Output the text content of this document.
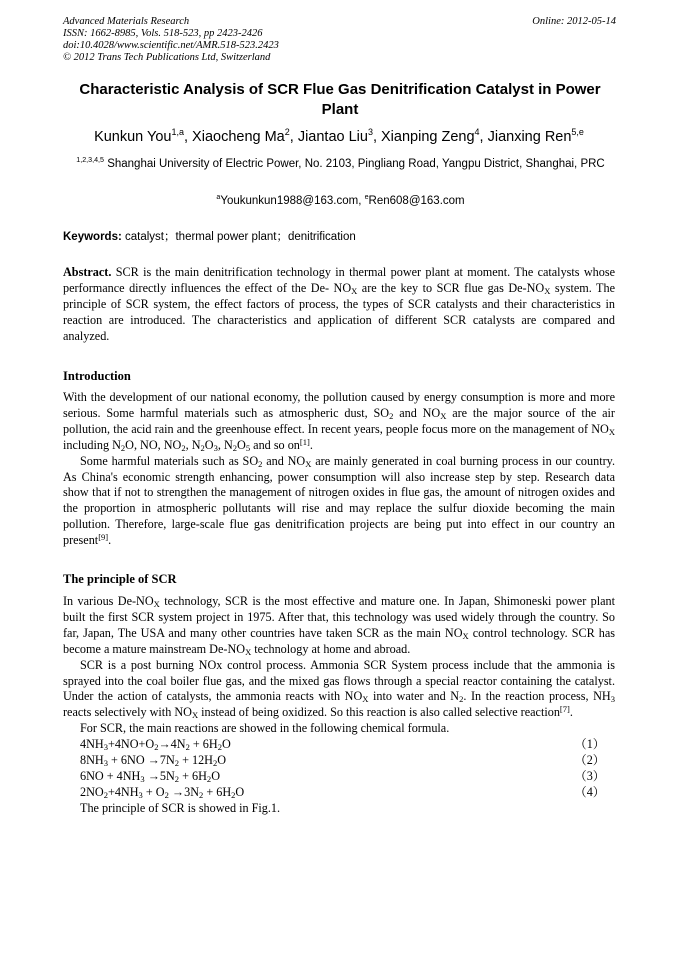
Advanced Materials Research
ISSN: 1662-8985, Vols. 518-523, pp 2423-2426
doi:10.4028/www.scientific.net/AMR.518-523.2423
© 2012 Trans Tech Publications Ltd, Switzerland
Online: 2012-05-14
Characteristic Analysis of SCR Flue Gas Denitrification Catalyst in Power Plant
Kunkun You$^{1,a}$, Xiaocheng Ma$^2$, Jiantao Liu$^3$, Xianping Zeng$^4$, Jianxing Ren$^{5,e}$
$^{1,2,3,4,5}$ Shanghai University of Electric Power, No. 2103, Pingliang Road, Yangpu District, Shanghai, PRC
$^a$Youkunkun1988@163.com, $^e$Ren608@163.com
Keywords: catalyst；thermal power plant；denitrification

Abstract. SCR is the main denitrification technology in thermal power plant at moment. The catalysts whose performance directly influences the effect of the De- $NO_X$ are the key to SCR flue gas $De-NO_X$ system. The principle of SCR system, the effect factors of process, the types of SCR catalysts and their characteristics in reaction are introduced. The characteristics and application of different SCR catalysts are compared and analyzed.

Introduction

With the development of our national economy, the pollution caused by energy consumption is more and more serious. Some harmful materials such as atmospheric dust, $SO_2$ and $NO_X$ are the major source of the air pollution, the acid rain and the greenhouse effect. In recent years, people focus more on the management of $NO_X$ including $N_2O$, NO, $NO_2$, $N_2O_3$, $N_2O_5$ and so on[1].

Some harmful materials such as $SO_2$ and $NO_X$ are mainly generated in coal burning process in our country. As China's economic strength enhancing, power consumption will also increase step by step. Research data show that if not to strengthen the management of nitrogen oxides in flue gas, the amount of nitrogen oxides and the proportion in atmospheric pollutants will rise and may replace the sulfur dioxide becoming the main pollution. Therefore, large-scale flue gas denitrification projects are being put into effect in our country an present[9].

The principle of SCR

In various $De-NO_X$ technology, SCR is the most effective and mature one. In Japan, Shimoneski power plant built the first SCR system project in 1975. After that, this technology was used widely through the country. So far, Japan, The USA and many other countries have taken SCR as the main $NO_X$ control technology. SCR has become a mature mainstream $De-NO_X$ technology at home and abroad.

SCR is a post burning NOx control process. Ammonia SCR System process include that the ammonia is sprayed into the coal boiler flue gas, and the mixed gas flows through a special reactor containing the catalyst. Under the action of catalysts, the ammonia reacts with $NO_X$ into water and $N_2$. In the reaction process, $NH_3$ reacts selectively with $NO_X$ instead of being oxidized. So this reaction is also called selective reaction[7].

For SCR, the main reactions are showed in the following chemical formula.

$4NH_3+4NO+O_2\to 4N_2 + 6H_2O$	（1）
$8NH_3 + 6NO \to 7N_2 + 12H_2O$	（2）
$6NO + 4NH_3 \to 5N_2 + 6H_2O$	（3）
$2NO_2+4NH_3 + O_2 \to 3N_2 + 6H_2O$	（4）

The principle of SCR is showed in Fig.1.
